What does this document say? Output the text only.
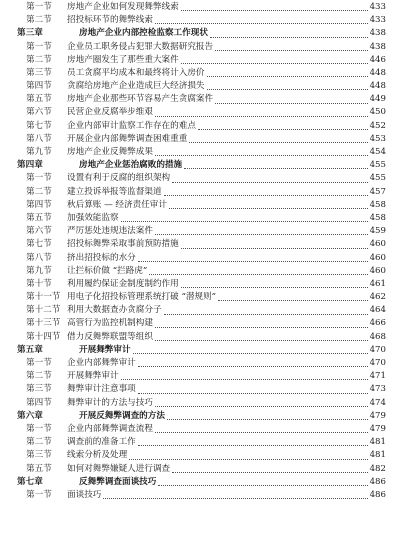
第一节	房地产企业如何发现舞弊线索	433
第二节	招投标环节的舞弊线索	433
第三章	房地产企业内部控检监察工作现状	438
第一节	企业员工职务侵占犯罪大数据研究报告	438
第二节	房地产圈发生了那些重大案件	446
第三节	员工贪腐平均成本和最终将计入房价	448
第四节	贪腐给房地产企业造成巨大经济损失	448
第五节	房地产企业那些环节容易产生贪腐案件	449
第六节	民营企业反腐举步维艰	450
第七节	企业内部审计监察工作存在的难点	452
第八节	开展企业内部舞弊调查困难重重	453
第九节	房地产企业反舞弊成果	454
第四章	房地产企业惩治腐败的措施	455
第一节	设置有利于反腐的组织架构	455
第二节	建立投诉举报等监督渠道	457
第四节	秋后算账 — 经济责任审计	458
第五节	加强效能监察	458
第六节	严厉惩处违规违法案件	459
第七节	招投标舞弊采取事前预防措施	460
第八节	挤出招投标的水分	460
第九节	让拦标价做 “拦路虎”	460
第十节	利用履约保证金制度制约作用	461
第十一节 用电子化招投标管理系统打破 “潜规则”	462
第十二节 利用大数据查办贪腐分子	464
第十三节 高管行为监控机制构建	466
第十四节 借力反舞弊联盟等组织	468
第五章	开展舞弊审计	470
第一节	企业内部舞弊审计	470
第二节	开展舞弊审计	471
第三节	舞弊审计注意事项	473
第四节	舞弊审计的方法与技巧	474
第六章	开展反舞弊调查的方法	479
第一节	企业内部舞弊调查流程	479
第二节	调查前的准备工作	481
第三节	线索分析及处理	481
第五节	如何对舞弊嫌疑人进行调查	482
第七章	反舞弊调查面谈技巧	486
第一节	面谈技巧	486
